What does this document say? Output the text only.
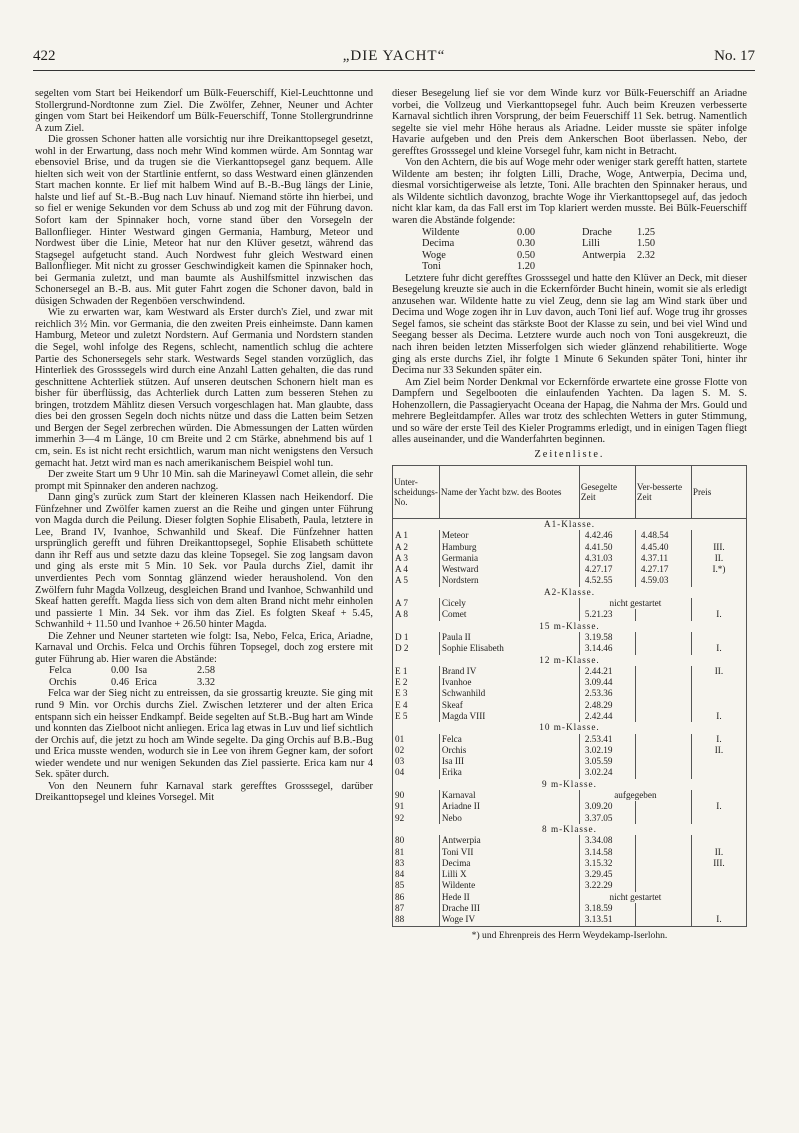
422	„DIE YACHT“	No. 17

segelten vom Start bei Heikendorf um Bülk-Feuerschiff, Kiel-Leuchttonne und Stollergrund-Nordtonne zum Ziel. Die Zwölfer, Zehner, Neuner und Achter gingen vom Start bei Heikendorf um Bülk-Feuerschiff, Tonne Stollergrundrinne A zum Ziel.

Die grossen Schoner hatten alle vorsichtig nur ihre Dreikanttopsegel gesetzt, wohl in der Erwartung, dass noch mehr Wind kommen würde. Am Sonntag war ebensoviel Brise, und da trugen sie die Vierkanttopsegel ganz bequem. Alle hielten sich weit von der Startlinie entfernt, so dass Westward einen glänzenden Start machen konnte. Er lief mit halbem Wind auf B.-B.-Bug längs der Linie, halste und lief auf St.-B.-Bug nach Luv hinauf. Niemand störte ihn hierbei, und so fiel er wenige Sekunden vor dem Schuss ab und zog mit der Führung davon. Sofort kam der Spinnaker hoch, vorne stand über den Vorsegeln der Ballonflieger. Hinter Westward gingen Germania, Hamburg, Meteor und Nordwest über die Linie, Meteor hat nur den Klüver gesetzt, während das Stagsegel aufgetucht stand. Auch Nordwest fuhr gleich Westward einen Ballonflieger. Mit nicht zu grosser Geschwindigkeit kamen die Spinnaker hoch, bei Germania zuletzt, und man baumte als Aushilfsmittel inzwischen das Schonersegel an B.-B. aus. Mit guter Fahrt zogen die Schoner davon, bald in düsigen Schwaden der Regenböen verschwindend.

Wie zu erwarten war, kam Westward als Erster durch's Ziel, und zwar mit reichlich 3½ Min. vor Germania, die den zweiten Preis einheimste. Dann kamen Hamburg, Meteor und zuletzt Nordstern. Auf Germania und Nordstern standen die Segel, wohl infolge des Regens, schlecht, namentlich schlug die achtere Partie des Schonersegels sehr stark. Westwards Segel standen vorzüglich, das Hinterliek des Grosssegels wird durch eine Anzahl Latten gehalten, die das rund geschnittene Achterliek stützen. Auf unseren deutschen Schonern hielt man es bisher für überflüssig, das Achterliek durch Latten zum besseren Stehen zu bringen, trotzdem Mählitz diesen Versuch vorgeschlagen hat. Man glaubte, dass dies bei den grossen Segeln doch nichts nütze und dass die Latten beim Setzen und Bergen der Segel zerbrechen würden. Die Abmessungen der Latten würden immerhin 3—4 m Länge, 10 cm Breite und 2 cm Stärke, abnehmend bis auf 1 cm, sein. Es ist nicht recht ersichtlich, warum man nicht wenigstens den Versuch gemacht hat. Jetzt wird man es nach amerikanischem Beispiel wohl tun.

Der zweite Start um 9 Uhr 10 Min. sah die Marineyawl Comet allein, die sehr prompt mit Spinnaker den anderen nachzog.

Dann ging's zurück zum Start der kleineren Klassen nach Heikendorf. Die Fünfzehner und Zwölfer kamen zuerst an die Reihe und gingen unter Führung von Magda durch die Peilung. Dieser folgten Sophie Elisabeth, Paula, letztere in Lee, Brand IV, Ivanhoe, Schwanhild und Skeaf. Die Fünfzehner hatten ursprünglich gerefft und führen Dreikanttopsegel, Sophie Elisabeth schüttete dann ihr Reff aus und setzte dazu das kleine Topsegel. Sie zog langsam davon und ging als erste mit 5 Min. 10 Sek. vor Paula durchs Ziel, damit ihr unverdientes Pech vom Sonntag glänzend wieder herausholend. Von den Zwölfern fuhr Magda Vollzeug, desgleichen Brand und Ivanhoe, Schwanhild und Skeaf hatten gerefft. Magda liess sich von dem alten Brand nicht mehr einholen und passierte 1 Min. 34 Sek. vor ihm das Ziel. Es folgten Skeaf + 5.45, Schwanhild + 11.50 und Ivanhoe + 26.50 hinter Magda.

Die Zehner und Neuner starteten wie folgt: Isa, Nebo, Felca, Erica, Ariadne, Karnaval und Orchis. Felca und Orchis führen Topsegel, doch zog erstere mit guter Führung ab. Hier waren die Abstände:

Felca	0.00	Isa	2.58
Orchis	0.46	Erica	3.32

Felca war der Sieg nicht zu entreissen, da sie grossartig kreuzte. Sie ging mit rund 9 Min. vor Orchis durchs Ziel. Zwischen letzterer und der alten Erica entspann sich ein heisser Endkampf. Beide segelten auf St.B.-Bug hart am Winde und konnten das Zielboot nicht anliegen. Erica lag etwas in Luv und lief sichtlich der Orchis auf, die jetzt zu hoch am Winde segelte. Da ging Orchis auf B.B.-Bug und Erica musste wenden, wodurch sie in Lee von ihrem Gegner kam, der sofort wieder wendete und nur wenigen Sekunden das Ziel passierte. Erica kam nur 4 Sek. später durch.

Von den Neunern fuhr Karnaval stark gerefftes Grosssegel, darüber Dreikanttopsegel und kleines Vorsegel. Mit

dieser Besegelung lief sie vor dem Winde kurz vor Bülk-Feuerschiff an Ariadne vorbei, die Vollzeug und Vierkanttopsegel fuhr. Auch beim Kreuzen verbesserte Karnaval sichtlich ihren Vorsprung, der beim Feuerschiff 11 Sek. betrug. Namentlich segelte sie viel mehr Höhe heraus als Ariadne. Leider musste sie später infolge Havarie aufgeben und den Preis dem Ankerschen Boot überlassen. Nebo, der gerefftes Grosssegel und kleine Vorsegel fuhr, kam nicht in Betracht.

Von den Achtern, die bis auf Woge mehr oder weniger stark gerefft hatten, startete Wildente am besten; ihr folgten Lilli, Drache, Woge, Antwerpia, Decima und, diesmal vorsichtigerweise als letzte, Toni. Alle brachten den Spinnaker heraus, und als Wildente sichtlich davonzog, brachte Woge ihr Vierkanttopsegel auf, das jedoch nicht klar kam, da das Fall erst im Top klariert werden musste. Bei Bülk-Feuerschiff waren die Abstände folgende:

Wildente	0.00	Drache	1.25
Decima	0.30	Lilli	1.50
Woge	0.50	Antwerpia	2.32
Toni	1.20		

Letztere fuhr dicht gerefftes Grosssegel und hatte den Klüver an Deck, mit dieser Besegelung kreuzte sie auch in die Eckernförder Bucht hinein, womit sie als erledigt anzusehen war. Wildente hatte zu viel Zeug, denn sie lag am Wind stark über und Decima und Woge zogen ihr in Luv davon, auch Toni lief auf. Woge trug ihr grosses Segel famos, sie scheint das stärkste Boot der Klasse zu sein, und bei viel Wind und Seegang besser als Decima. Letztere wurde auch noch von Toni ausgekreuzt, die nach ihren beiden letzten Misserfolgen sich wieder glänzend rehabilitierte. Woge ging als erste durchs Ziel, ihr folgte 1 Minute 6 Sekunden später Toni, hinter ihr Decima nur 33 Sekunden später ein.

Am Ziel beim Norder Denkmal vor Eckernförde erwartete eine grosse Flotte von Dampfern und Segelbooten die einlaufenden Yachten. Da lagen S. M. S. Hohenzollern, die Passagieryacht Oceana der Hapag, die Nahma der Mrs. Gould und mehrere Begleitdampfer. Alles war trotz des schlechten Wetters in guter Stimmung, und so wäre der erste Teil des Kieler Programms erledigt, und in einigen Tagen fliegt alles auseinander, und die Wanderfahrten beginnen.

Zeitenliste.
Unter-scheidungs-No.	Name der Yacht bzw. des Bootes	Gesegelte Zeit	Ver-besserte Zeit	Preis
A1-Klasse.				
A 1	Meteor	4.42.46	4.48.54	
A 2	Hamburg	4.41.50	4.45.40	III.
A 3	Germania	4.31.03	4.37.11	II.
A 4	Westward	4.27.17	4.27.17	I.*)
A 5	Nordstern	4.52.55	4.59.03	
A2-Klasse.				
A 7	Cicely	nicht gestartet		
A 8	Comet	5.21.23		I.
15 m-Klasse.				
D 1	Paula II	3.19.58		
D 2	Sophie Elisabeth	3.14.46		I.
12 m-Klasse.				
E 1	Brand IV	2.44.21		II.
E 2	Ivanhoe	3.09.44		
E 3	Schwanhild	2.53.36		
E 4	Skeaf	2.48.29		
E 5	Magda VIII	2.42.44		I.
10 m-Klasse.				
01	Felca	2.53.41		I.
02	Orchis	3.02.19		II.
03	Isa III	3.05.59		
04	Erika	3.02.24		
9 m-Klasse.				
90	Karnaval	aufgegeben		
91	Ariadne II	3.09.20		I.
92	Nebo	3.37.05		
8 m-Klasse.				
80	Antwerpia	3.34.08		
81	Toni VII	3.14.58		II.
83	Decima	3.15.32		III.
84	Lilli X	3.29.45		
85	Wildente	3.22.29		
86	Hede II	nicht gestartet		
87	Drache III	3.18.59		
88	Woge IV	3.13.51		I.
*) und Ehrenpreis des Herrn Weydekamp-Iserlohn.
